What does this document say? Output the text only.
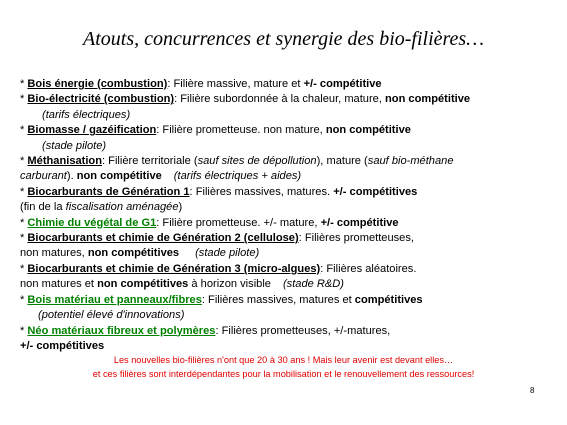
Atouts, concurrences et synergie des bio-filières…
* Bois énergie (combustion): Filière massive, mature et +/- compétitive
* Bio-électricité (combustion): Filière subordonnée à la chaleur, mature, non compétitive
(tarifs électriques)
* Biomasse / gazéification: Filière prometteuse. non mature, non compétitive
(stade pilote)
* Méthanisation: Filière territoriale (sauf sites de dépollution), mature (sauf bio-méthane
carburant). non compétitive (tarifs électriques + aides)
* Biocarburants de Génération 1: Filières massives, matures. +/- compétitives
(fin de la fiscalisation aménagée)
* Chimie du végétal de G1: Filière prometteuse. +/- mature, +/- compétitive
* Biocarburants et chimie de Génération 2 (cellulose): Filières prometteuses,
non matures, non compétitives (stade pilote)
* Biocarburants et chimie de Génération 3 (micro-algues): Filières aléatoires.
non matures et non compétitives à horizon visible (stade R&D)
* Bois matériau et panneaux/fibres: Filières massives, matures et compétitives
(potentiel élevé d'innovations)
* Néo matériaux fibreux et polymères: Filières prometteuses, +/-matures,
+/- compétitives
Les nouvelles bio-filières n'ont que 20 à 30 ans ! Mais leur avenir est devant elles…
et ces filières sont interdépendantes pour la mobilisation et le renouvellement des ressources!
8
